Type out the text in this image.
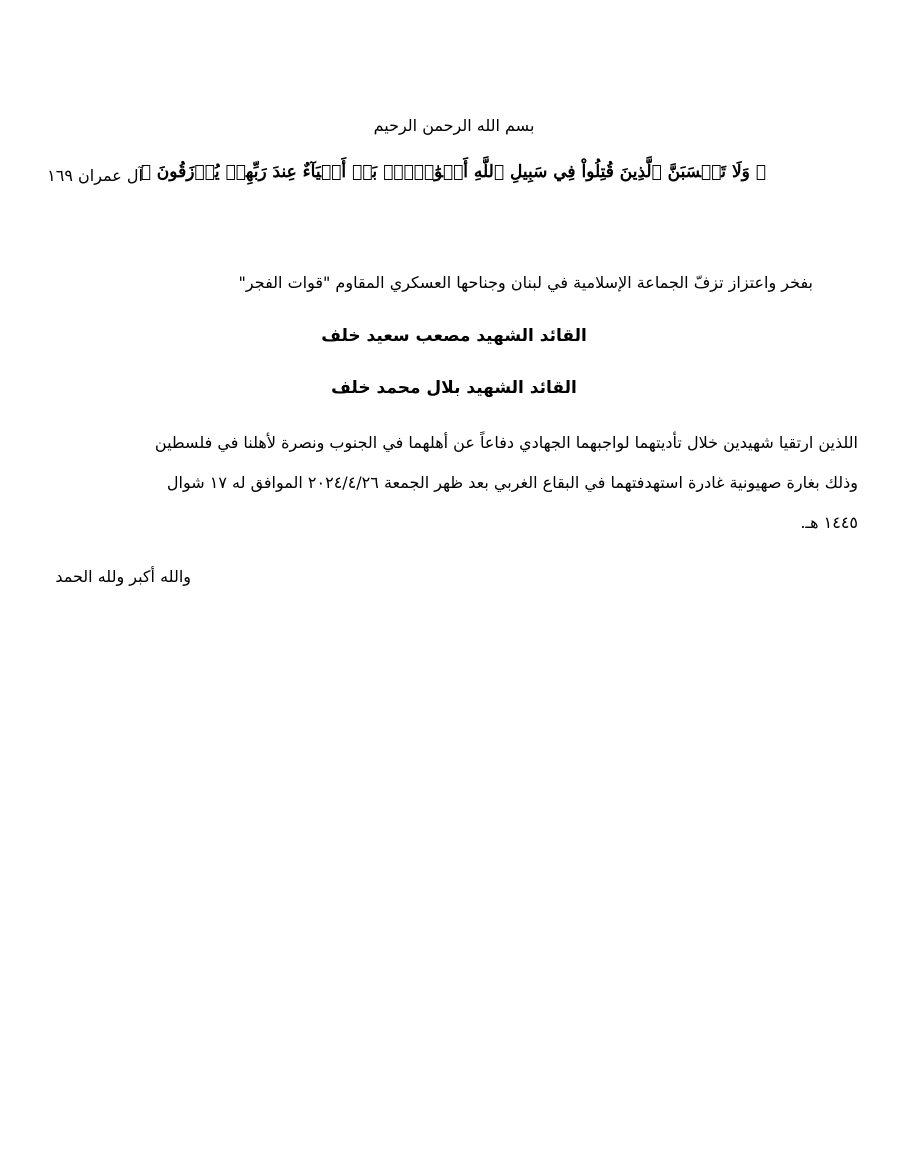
بسم الله الرحمن الرحيم
﴿ وَلَا تَحۡسَبَنَّ ٱلَّذِينَ قُتِلُواْ فِي سَبِيلِ ٱللَّهِ أَمۡوَٰتَۢاۚ بَلۡ أَحۡيَآءٌ عِندَ رَبِّهِمۡ يُرۡزَقُونَ ﴾
آل عمران ١٦٩
بفخر واعتزاز تزفّ الجماعة الإسلامية في لبنان وجناحها العسكري المقاوم "قوات الفجر"
القائد الشهيد مصعب سعيد خلف
القائد الشهيد بلال محمد خلف
اللذين ارتقيا شهيدين خلال تأديتهما لواجبهما الجهادي دفاعاً عن أهلهما في الجنوب ونصرة لأهلنا في فلسطين
وذلك بغارة صهيونية غادرة استهدفتهما في البقاع الغربي بعد ظهر الجمعة ٢٠٢٤/٤/٢٦ الموافق له ١٧ شوال
١٤٤٥ هـ.
والله أكبر ولله الحمد
